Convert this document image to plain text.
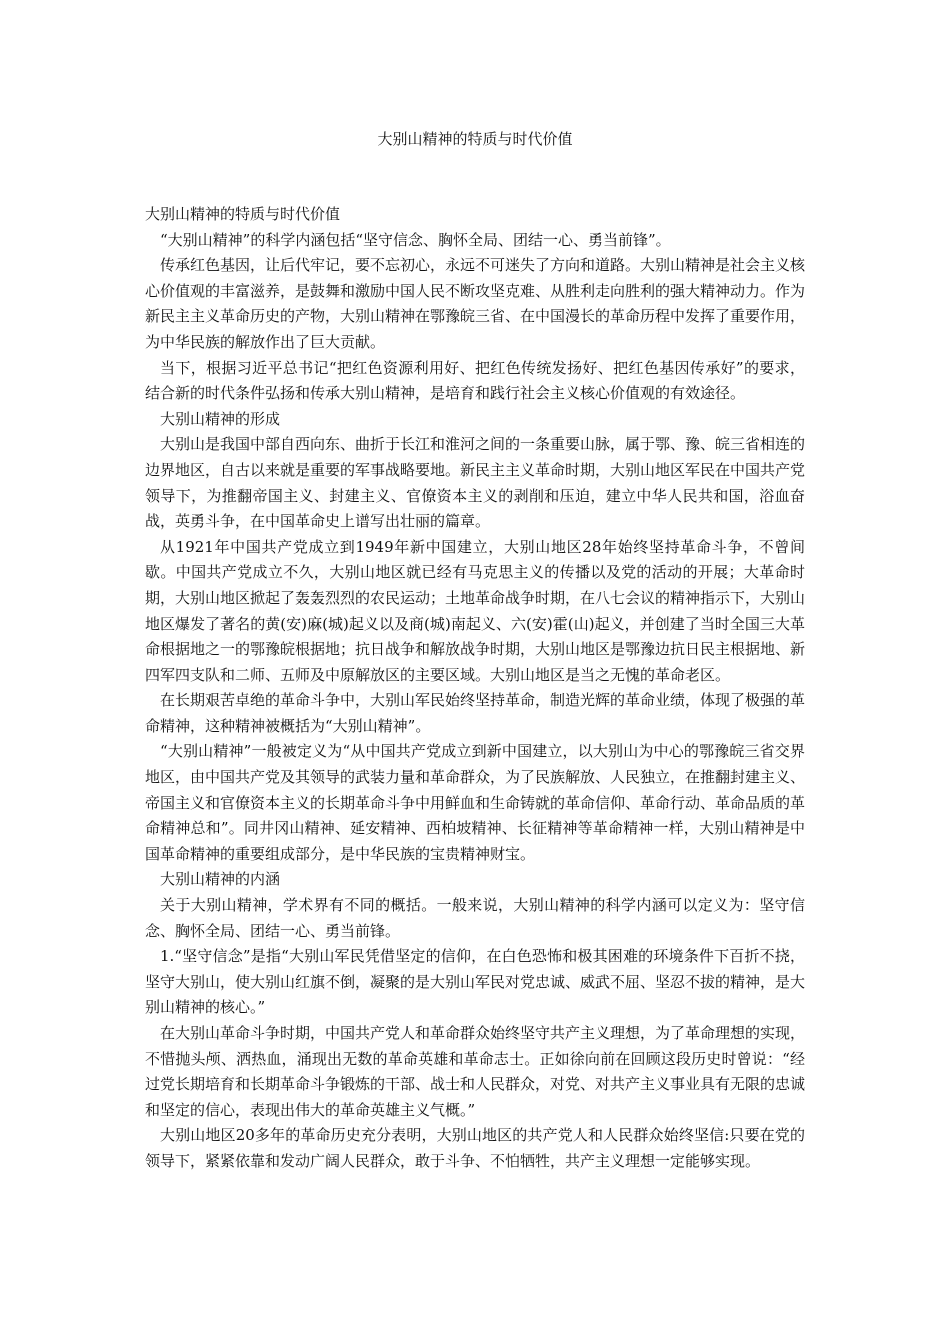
大别山精神的特质与时代价值

大别山精神的特质与时代价值

“大别山精神”的科学内涵包括“坚守信念、胸怀全局、团结一心、勇当前锋”。

传承红色基因，让后代牢记，要不忘初心，永远不可迷失了方向和道路。大别山精神是社会主义核心价值观的丰富滋养，是鼓舞和激励中国人民不断攻坚克难、从胜利走向胜利的强大精神动力。作为新民主主义革命历史的产物，大别山精神在鄂豫皖三省、在中国漫长的革命历程中发挥了重要作用，为中华民族的解放作出了巨大贡献。

当下，根据习近平总书记“把红色资源利用好、把红色传统发扬好、把红色基因传承好”的要求，结合新的时代条件弘扬和传承大别山精神，是培育和践行社会主义核心价值观的有效途径。

大别山精神的形成

大别山是我国中部自西向东、曲折于长江和淮河之间的一条重要山脉，属于鄂、豫、皖三省相连的边界地区，自古以来就是重要的军事战略要地。新民主主义革命时期，大别山地区军民在中国共产党领导下，为推翻帝国主义、封建主义、官僚资本主义的剥削和压迫，建立中华人民共和国，浴血奋战，英勇斗争，在中国革命史上谱写出壮丽的篇章。

从1921年中国共产党成立到1949年新中国建立，大别山地区28年始终坚持革命斗争，不曾间歇。中国共产党成立不久，大别山地区就已经有马克思主义的传播以及党的活动的开展；大革命时期，大别山地区掀起了轰轰烈烈的农民运动；土地革命战争时期，在八七会议的精神指示下，大别山地区爆发了著名的黄(安)麻(城)起义以及商(城)南起义、六(安)霍(山)起义，并创建了当时全国三大革命根据地之一的鄂豫皖根据地；抗日战争和解放战争时期，大别山地区是鄂豫边抗日民主根据地、新四军四支队和二师、五师及中原解放区的主要区域。大别山地区是当之无愧的革命老区。

在长期艰苦卓绝的革命斗争中，大别山军民始终坚持革命，制造光辉的革命业绩，体现了极强的革命精神，这种精神被概括为“大别山精神”。

“大别山精神”一般被定义为“从中国共产党成立到新中国建立，以大别山为中心的鄂豫皖三省交界地区，由中国共产党及其领导的武装力量和革命群众，为了民族解放、人民独立，在推翻封建主义、帝国主义和官僚资本主义的长期革命斗争中用鲜血和生命铸就的革命信仰、革命行动、革命品质的革命精神总和”。同井冈山精神、延安精神、西柏坡精神、长征精神等革命精神一样，大别山精神是中国革命精神的重要组成部分，是中华民族的宝贵精神财宝。

大别山精神的内涵

关于大别山精神，学术界有不同的概括。一般来说，大别山精神的科学内涵可以定义为：坚守信念、胸怀全局、团结一心、勇当前锋。

1.“坚守信念”是指“大别山军民凭借坚定的信仰，在白色恐怖和极其困难的环境条件下百折不挠，坚守大别山，使大别山红旗不倒，凝聚的是大别山军民对党忠诚、威武不屈、坚忍不拔的精神，是大别山精神的核心。”

在大别山革命斗争时期，中国共产党人和革命群众始终坚守共产主义理想，为了革命理想的实现，不惜抛头颅、洒热血，涌现出无数的革命英雄和革命志士。正如徐向前在回顾这段历史时曾说：“经过党长期培育和长期革命斗争锻炼的干部、战士和人民群众，对党、对共产主义事业具有无限的忠诚和坚定的信心，表现出伟大的革命英雄主义气概。”

大别山地区20多年的革命历史充分表明，大别山地区的共产党人和人民群众始终坚信:只要在党的领导下，紧紧依靠和发动广阔人民群众，敢于斗争、不怕牺牲，共产主义理想一定能够实现。
